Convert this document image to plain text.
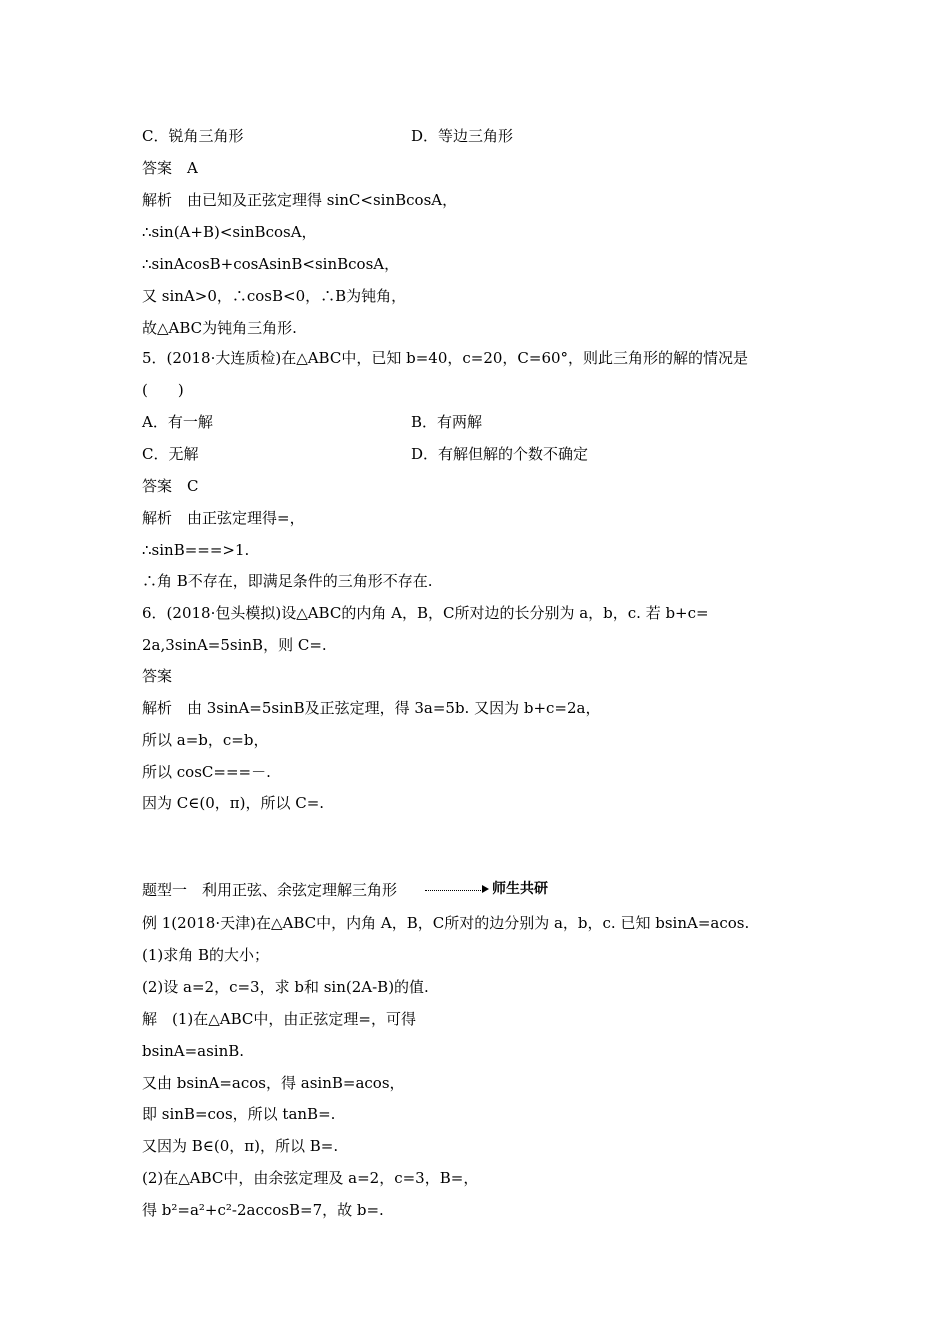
C．锐角三角形	D．等边三角形
答案　A
解析　由已知及正弦定理得 sinC<sinBcosA，
∴sin(A+B)<sinBcosA，
∴sinAcosB+cosAsinB<sinBcosA，
又 sinA>0，∴cosB<0，∴B为钝角，
故△ABC为钝角三角形.
5．(2018·大连质检)在△ABC中，已知 b=40，c=20，C=60°，则此三角形的解的情况是
(　　)
A．有一解	B．有两解
C．无解	D．有解但解的个数不确定
答案　C
解析　由正弦定理得=，
∴sinB===>1.
∴角 B不存在，即满足条件的三角形不存在.
6．(2018·包头模拟)设△ABC的内角 A，B，C所对边的长分别为 a，b，c. 若 b+c=
2a,3sinA=5sinB，则 C=.
答案
解析　由 3sinA=5sinB及正弦定理，得 3a=5b. 又因为 b+c=2a，
所以 a=b，c=b，
所以 cosC===－.
因为 C∈(0，π)，所以 C=.
题型一　利用正弦、余弦定理解三角形	师生共研
例 1(2018·天津)在△ABC中，内角 A，B，C所对的边分别为 a，b，c. 已知 bsinA=acos.
(1)求角 B的大小；
(2)设 a=2，c=3，求 b和 sin(2A-B)的值.
解　(1)在△ABC中，由正弦定理=，可得
bsinA=asinB.
又由 bsinA=acos，得 asinB=acos，
即 sinB=cos，所以 tanB=.
又因为 B∈(0，π)，所以 B=.
(2)在△ABC中，由余弦定理及 a=2，c=3，B=，
得 b²=a²+c²-2accosB=7，故 b=.
